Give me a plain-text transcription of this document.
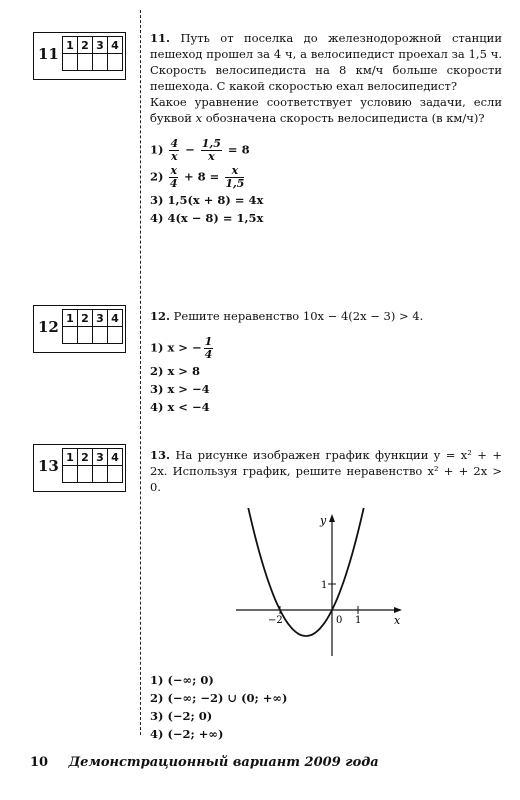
11 1	2	3	4

12 1	2	3	4

13 1	2	3	4

11. Путь от поселка до железнодорожной станции пешеход прошел за 4 ч, а велосипедист проехал за 1,5 ч. Скорость велосипедиста на 8 км/ч больше скорости пешехода. С какой скоростью ехал велосипедист?
Какое уравнение соответствует условию задачи, если буквой x обозначена скорость велосипедиста (в км/ч)?
$1) \frac{4}{x} - \frac{1,5}{x} = 8$
$2) \frac{x}{4} + 8 = \frac{x}{1,5}$
3) 1,5(x + 8) = 4x
4) 4(x − 8) = 1,5x
12. Решите неравенство 10x − 4(2x − 3) > 4.
1) x > − $\frac{1}{4}$
2) x > 8
3) x > −4
4) x < −4
13. На рисунке изображен график функции y = x² + + 2x. Используя график, решите неравенство x² + + 2x > 0.
x
y
−2	0 1
1
1) (−∞; 0)
2) (−∞; −2) ∪ (0; +∞)
3) (−2; 0)
4) (−2; +∞)
10 Демонстрационный вариант 2009 года
